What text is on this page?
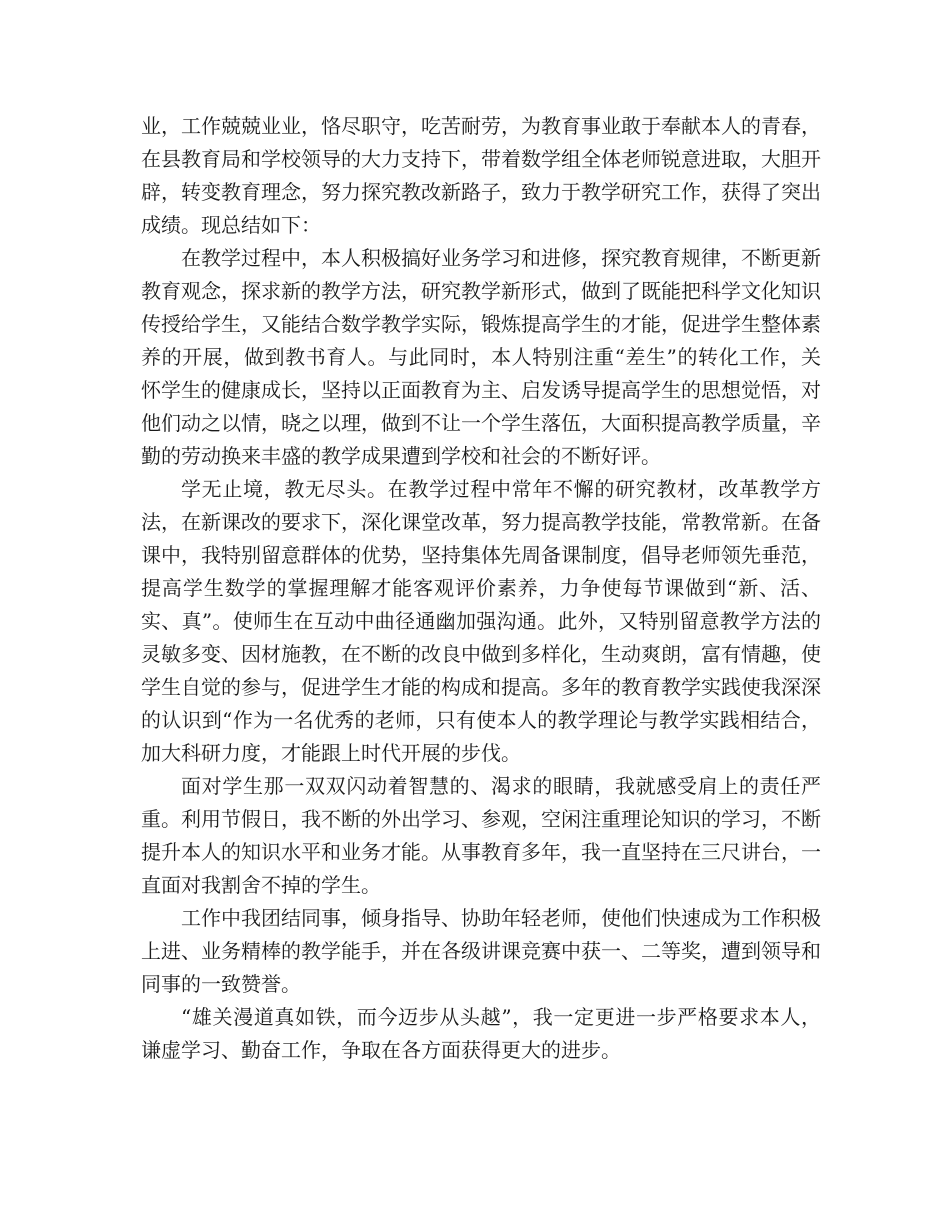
业，工作兢兢业业，恪尽职守，吃苦耐劳，为教育事业敢于奉献本人的青春，在县教育局和学校领导的大力支持下，带着数学组全体老师锐意进取，大胆开辟，转变教育理念，努力探究教改新路子，致力于教学研究工作，获得了突出成绩。现总结如下：

在教学过程中，本人积极搞好业务学习和进修，探究教育规律，不断更新教育观念，探求新的教学方法，研究教学新形式，做到了既能把科学文化知识传授给学生，又能结合数学教学实际，锻炼提高学生的才能，促进学生整体素养的开展，做到教书育人。与此同时，本人特别注重“差生”的转化工作，关怀学生的健康成长，坚持以正面教育为主、启发诱导提高学生的思想觉悟，对他们动之以情，晓之以理，做到不让一个学生落伍，大面积提高教学质量，辛勤的劳动换来丰盛的教学成果遭到学校和社会的不断好评。

学无止境，教无尽头。在教学过程中常年不懈的研究教材，改革教学方法，在新课改的要求下，深化课堂改革，努力提高教学技能，常教常新。在备课中，我特别留意群体的优势，坚持集体先周备课制度，倡导老师领先垂范，提高学生数学的掌握理解才能客观评价素养，力争使每节课做到“新、活、实、真”。使师生在互动中曲径通幽加强沟通。此外，又特别留意教学方法的灵敏多变、因材施教，在不断的改良中做到多样化，生动爽朗，富有情趣，使学生自觉的参与，促进学生才能的构成和提高。多年的教育教学实践使我深深的认识到“作为一名优秀的老师，只有使本人的教学理论与教学实践相结合，加大科研力度，才能跟上时代开展的步伐。

面对学生那一双双闪动着智慧的、渴求的眼睛，我就感受肩上的责任严重。利用节假日，我不断的外出学习、参观，空闲注重理论知识的学习，不断提升本人的知识水平和业务才能。从事教育多年，我一直坚持在三尺讲台，一直面对我割舍不掉的学生。

工作中我团结同事，倾身指导、协助年轻老师，使他们快速成为工作积极上进、业务精棒的教学能手，并在各级讲课竞赛中获一、二等奖，遭到领导和同事的一致赞誉。

“雄关漫道真如铁，而今迈步从头越”，我一定更进一步严格要求本人，谦虚学习、勤奋工作，争取在各方面获得更大的进步。
